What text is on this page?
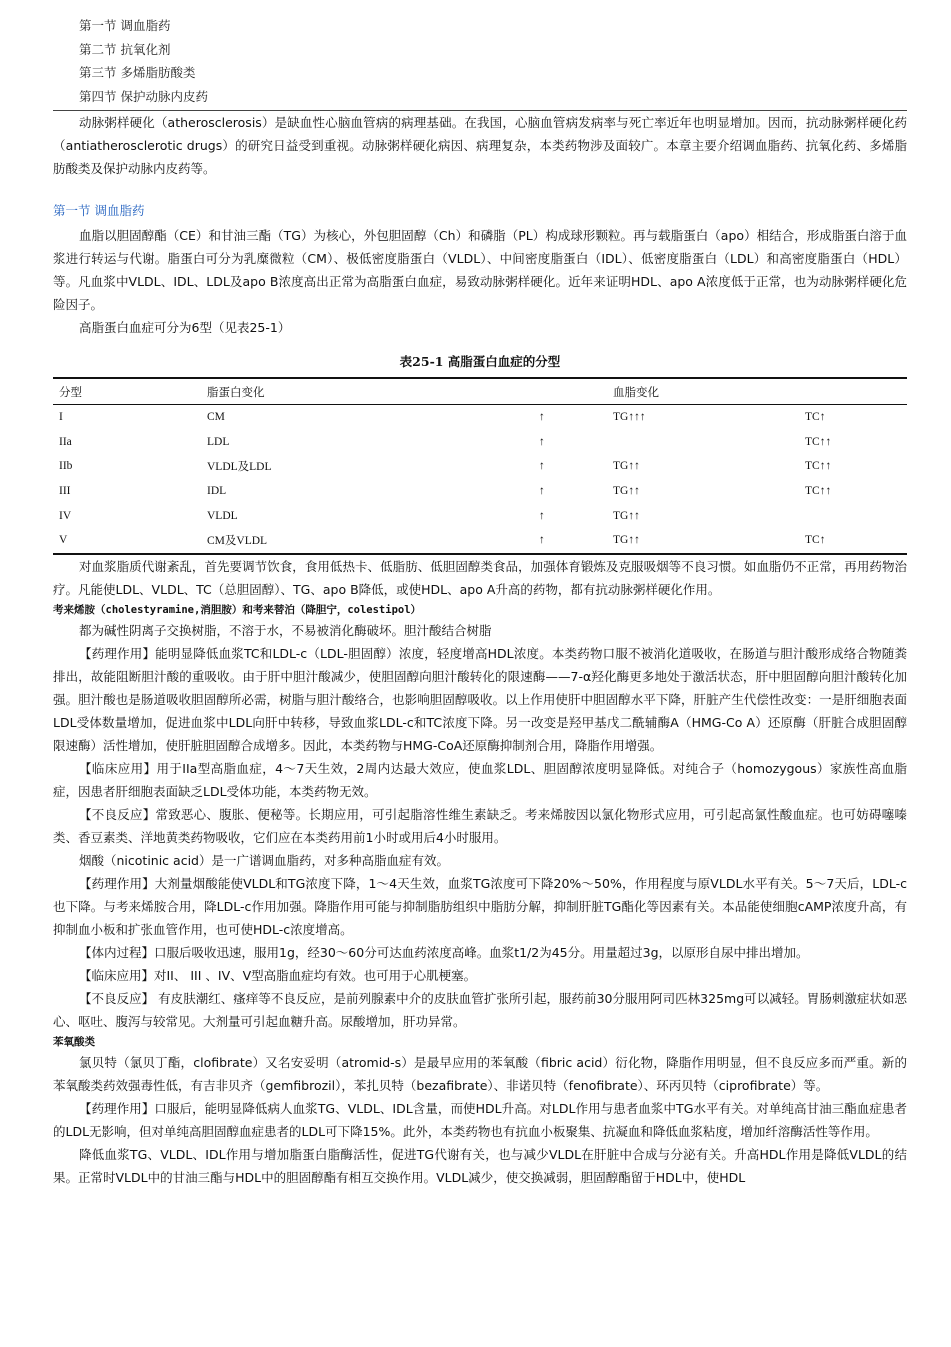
第一节 调血脂药
第二节 抗氧化剂
第三节 多烯脂肪酸类
第四节 保护动脉内皮药

动脉粥样硬化（atherosclerosis）是缺血性心脑血管病的病理基础。在我国，心脑血管病发病率与死亡率近年也明显增加。因而，抗动脉粥样硬化药（antiatherosclerotic drugs）的研究日益受到重视。动脉粥样硬化病因、病理复杂，本类药物涉及面较广。本章主要介绍调血脂药、抗氧化药、多烯脂肪酸类及保护动脉内皮药等。

第一节 调血脂药

血脂以胆固醇酯（CE）和甘油三酯（TG）为核心，外包胆固醇（Ch）和磷脂（PL）构成球形颗粒。再与载脂蛋白（apo）相结合，形成脂蛋白溶于血浆进行转运与代谢。脂蛋白可分为乳糜微粒（CM）、极低密度脂蛋白（VLDL）、中间密度脂蛋白（IDL）、低密度脂蛋白（LDL）和高密度脂蛋白（HDL）等。凡血浆中VLDL、IDL、LDL及apo B浓度高出正常为高脂蛋白血症，易致动脉粥样硬化。近年来证明HDL、apo A浓度低于正常，也为动脉粥样硬化危险因子。

高脂蛋白血症可分为6型（见表25-1）

表25-1 高脂蛋白血症的分型
分型	脂蛋白变化		血脂变化	
I	CM	↑	TG↑↑↑	TC↑
IIa	LDL	↑		TC↑↑
IIb	VLDL及LDL	↑	TG↑↑	TC↑↑
III	IDL	↑	TG↑↑	TC↑↑
IV	VLDL	↑	TG↑↑	
V	CM及VLDL	↑	TG↑↑	TC↑

对血浆脂质代谢紊乱，首先要调节饮食，食用低热卡、低脂肪、低胆固醇类食品，加强体育锻炼及克服吸烟等不良习惯。如血脂仍不正常，再用药物治疗。凡能使LDL、VLDL、TC（总胆固醇）、TG、apo B降低，或使HDL、apo A升高的药物，都有抗动脉粥样硬化作用。

考来烯胺（cholestyramine,消胆胺）和考来替泊（降胆宁，colestipol）

都为碱性阴离子交换树脂，不溶于水，不易被消化酶破坏。胆汁酸结合树脂

【药理作用】能明显降低血浆TC和LDL-c（LDL-胆固醇）浓度，轻度增高HDL浓度。本类药物口服不被消化道吸收，在肠道与胆汁酸形成络合物随粪排出，故能阻断胆汁酸的重吸收。由于肝中胆汁酸减少，使胆固醇向胆汁酸转化的限速酶——7-α羟化酶更多地处于激活状态，肝中胆固醇向胆汁酸转化加强。胆汁酸也是肠道吸收胆固醇所必需，树脂与胆汁酸络合，也影响胆固醇吸收。以上作用使肝中胆固醇水平下降，肝脏产生代偿性改变：一是肝细胞表面LDL受体数量增加，促进血浆中LDL向肝中转移，导致血浆LDL-c和TC浓度下降。另一改变是羟甲基戊二酰辅酶A（HMG-Co A）还原酶（肝脏合成胆固醇限速酶）活性增加，使肝脏胆固醇合成增多。因此，本类药物与HMG-CoA还原酶抑制剂合用，降脂作用增强。

【临床应用】用于IIa型高脂血症，4～7天生效，2周内达最大效应，使血浆LDL、胆固醇浓度明显降低。对纯合子（homozygous）家族性高血脂症，因患者肝细胞表面缺乏LDL受体功能，本类药物无效。

【不良反应】常致恶心、腹胀、便秘等。长期应用，可引起脂溶性维生素缺乏。考来烯胺因以氯化物形式应用，可引起高氯性酸血症。也可妨碍噻嗪类、香豆素类、洋地黄类药物吸收，它们应在本类药用前1小时或用后4小时服用。

烟酸（nicotinic acid）是一广谱调血脂药，对多种高脂血症有效。

【药理作用】大剂量烟酸能使VLDL和TG浓度下降，1～4天生效，血浆TG浓度可下降20%～50%，作用程度与原VLDL水平有关。5～7天后，LDL-c也下降。与考来烯胺合用，降LDL-c作用加强。降脂作用可能与抑制脂肪组织中脂肪分解，抑制肝脏TG酯化等因素有关。本品能使细胞cAMP浓度升高，有抑制血小板和扩张血管作用，也可使HDL-c浓度增高。

【体内过程】口服后吸收迅速，服用1g，经30～60分可达血药浓度高峰。血浆t1/2为45分。用量超过3g，以原形自尿中排出增加。

【临床应用】对II、 III 、IV、V型高脂血症均有效。也可用于心肌梗塞。

【不良反应】 有皮肤潮红、瘙痒等不良反应，是前列腺素中介的皮肤血管扩张所引起，服药前30分服用阿司匹林325mg可以减轻。胃肠刺激症状如恶心、呕吐、腹泻与较常见。大剂量可引起血糖升高。尿酸增加，肝功异常。

苯氧酸类

氯贝特（氯贝丁酯，clofibrate）又名安妥明（atromid-s）是最早应用的苯氧酸（fibric acid）衍化物，降脂作用明显，但不良反应多而严重。新的苯氧酸类药效强毒性低，有吉非贝齐（gemfibrozil），苯扎贝特（bezafibrate）、非诺贝特（fenofibrate）、环丙贝特（ciprofibrate）等。

【药理作用】口服后，能明显降低病人血浆TG、VLDL、IDL含量，而使HDL升高。对LDL作用与患者血浆中TG水平有关。对单纯高甘油三酯血症患者的LDL无影响，但对单纯高胆固醇血症患者的LDL可下降15%。此外，本类药物也有抗血小板聚集、抗凝血和降低血浆粘度，增加纤溶酶活性等作用。

降低血浆TG、VLDL、IDL作用与增加脂蛋白脂酶活性，促进TG代谢有关，也与减少VLDL在肝脏中合成与分泌有关。升高HDL作用是降低VLDL的结果。正常时VLDL中的甘油三酯与HDL中的胆固醇酯有相互交换作用。VLDL减少，使交换减弱，胆固醇酯留于HDL中，使HDL
